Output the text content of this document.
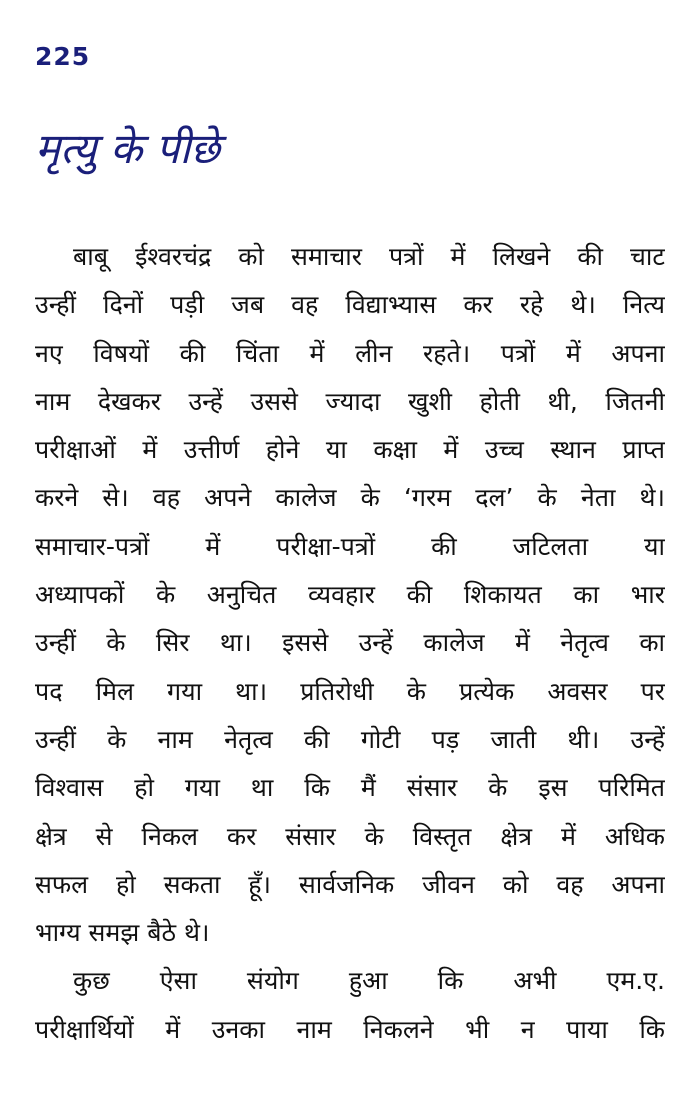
225
मृत्यु के पीछे
बाबू ईश्वरचंद्र को समाचार पत्रों में लिखने की चाट
उन्हीं दिनों पड़ी जब वह विद्याभ्यास कर रहे थे। नित्य
नए विषयों की चिंता में लीन रहते। पत्रों में अपना
नाम देखकर उन्हें उससे ज्यादा खुशी होती थी, जितनी
परीक्षाओं में उत्तीर्ण होने या कक्षा में उच्च स्थान प्राप्त
करने से। वह अपने कालेज के ‘गरम दल’ के नेता थे।
समाचार-पत्रों में परीक्षा-पत्रों की जटिलता या
अध्यापकों के अनुचित व्यवहार की शिकायत का भार
उन्हीं के सिर था। इससे उन्हें कालेज में नेतृत्व का
पद मिल गया था। प्रतिरोधी के प्रत्येक अवसर पर
उन्हीं के नाम नेतृत्व की गोटी पड़ जाती थी। उन्हें
विश्वास हो गया था कि मैं संसार के इस परिमित
क्षेत्र से निकल कर संसार के विस्तृत क्षेत्र में अधिक
सफल हो सकता हूँ। सार्वजनिक जीवन को वह अपना
भाग्य समझ बैठे थे।
कुछ ऐसा संयोग हुआ कि अभी एम.ए.
परीक्षार्थियों में उनका नाम निकलने भी न पाया कि
